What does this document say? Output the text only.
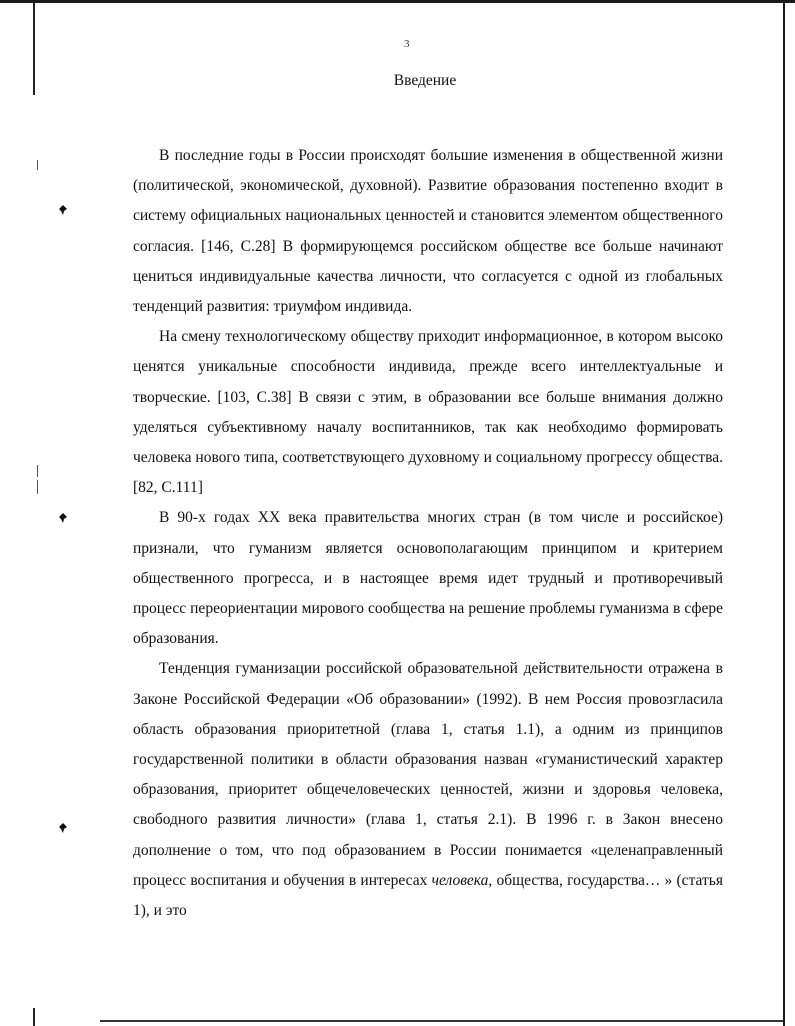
3
Введение

В последние годы в России происходят большие изменения в общественной жизни (политической, экономической, духовной). Развитие образования постепенно входит в систему официальных национальных ценностей и становится элементом общественного согласия. [146, С.28] В формирующемся российском обществе все больше начинают цениться индивидуальные качества личности, что согласуется с одной из глобальных тенденций развития: триумфом индивида.

На смену технологическому обществу приходит информационное, в котором высоко ценятся уникальные способности индивида, прежде всего интеллектуальные и творческие. [103, С.38] В связи с этим, в образовании все больше внимания должно уделяться субъективному началу воспитанников, так как необходимо формировать человека нового типа, соответствующего духовному и социальному прогрессу общества. [82, С.111]

В 90-х годах XX века правительства многих стран (в том числе и российское) признали, что гуманизм является основополагающим принципом и критерием общественного прогресса, и в настоящее время идет трудный и противоречивый процесс переориентации мирового сообщества на решение проблемы гуманизма в сфере образования.

Тенденция гуманизации российской образовательной действительности отражена в Законе Российской Федерации «Об образовании» (1992). В нем Россия провозгласила область образования приоритетной (глава 1, статья 1.1), а одним из принципов государственной политики в области образования назван «гуманистический характер образования, приоритет общечеловеческих ценностей, жизни и здоровья человека, свободного развития личности» (глава 1, статья 2.1). В 1996 г. в Закон внесено дополнение о том, что под образованием в России понимается «целенаправленный процесс воспитания и обучения в интересах человека, общества, государства… » (статья 1), и это
